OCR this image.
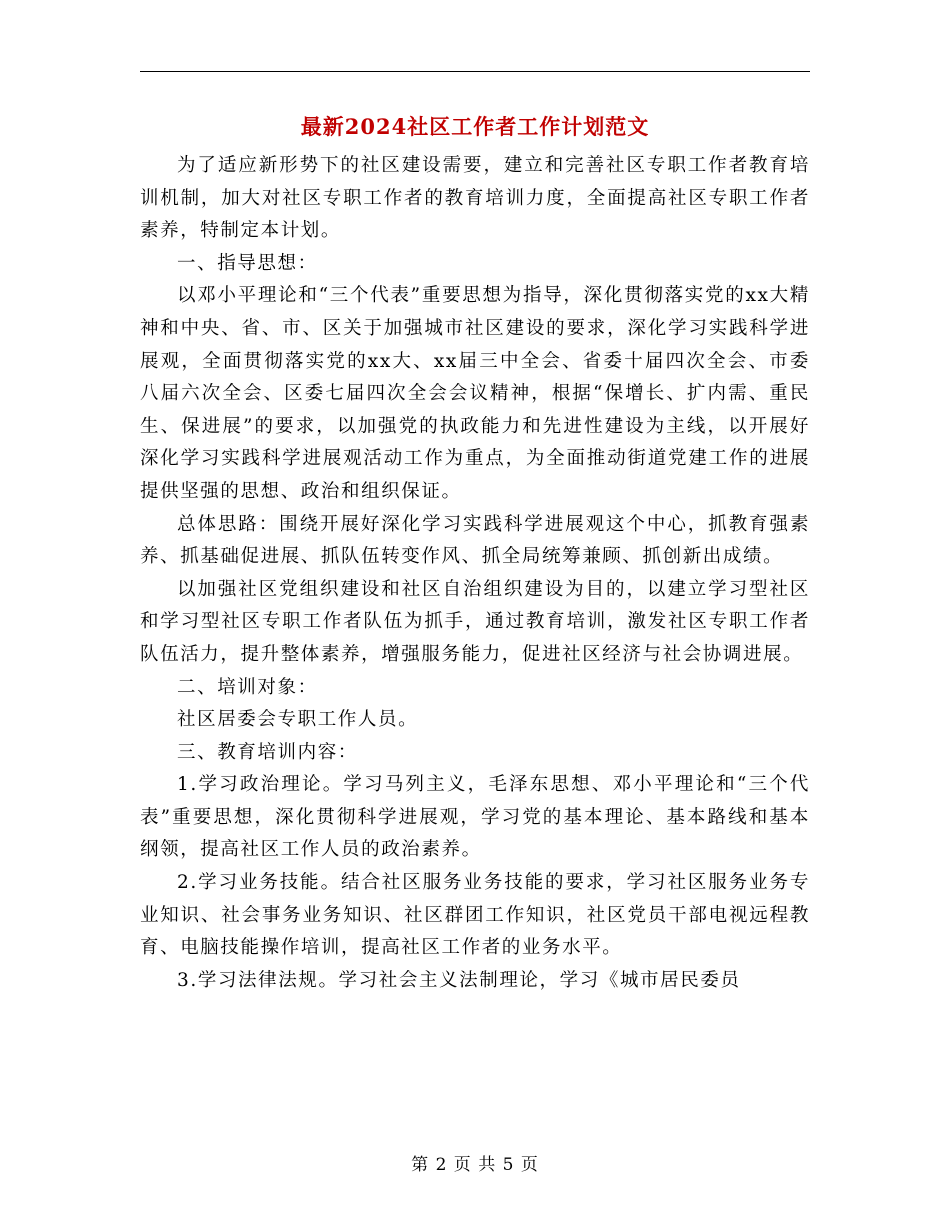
最新2024社区工作者工作计划范文

为了适应新形势下的社区建设需要，建立和完善社区专职工作者教育培训机制，加大对社区专职工作者的教育培训力度，全面提高社区专职工作者素养，特制定本计划。

一、指导思想：

以邓小平理论和“三个代表”重要思想为指导，深化贯彻落实党的xx大精神和中央、省、市、区关于加强城市社区建设的要求，深化学习实践科学进展观，全面贯彻落实党的xx大、xx届三中全会、省委十届四次全会、市委八届六次全会、区委七届四次全会会议精神，根据“保增长、扩内需、重民生、保进展”的要求，以加强党的执政能力和先进性建设为主线，以开展好深化学习实践科学进展观活动工作为重点，为全面推动街道党建工作的进展提供坚强的思想、政治和组织保证。

总体思路：围绕开展好深化学习实践科学进展观这个中心，抓教育强素养、抓基础促进展、抓队伍转变作风、抓全局统筹兼顾、抓创新出成绩。

以加强社区党组织建设和社区自治组织建设为目的，以建立学习型社区和学习型社区专职工作者队伍为抓手，通过教育培训，激发社区专职工作者队伍活力，提升整体素养，增强服务能力，促进社区经济与社会协调进展。

二、培训对象：

社区居委会专职工作人员。

三、教育培训内容：

1.学习政治理论。学习马列主义，毛泽东思想、邓小平理论和“三个代表”重要思想，深化贯彻科学进展观，学习党的基本理论、基本路线和基本纲领，提高社区工作人员的政治素养。

2.学习业务技能。结合社区服务业务技能的要求，学习社区服务业务专业知识、社会事务业务知识、社区群团工作知识，社区党员干部电视远程教育、电脑技能操作培训，提高社区工作者的业务水平。

3.学习法律法规。学习社会主义法制理论，学习《城市居民委员

第 2 页 共 5 页
